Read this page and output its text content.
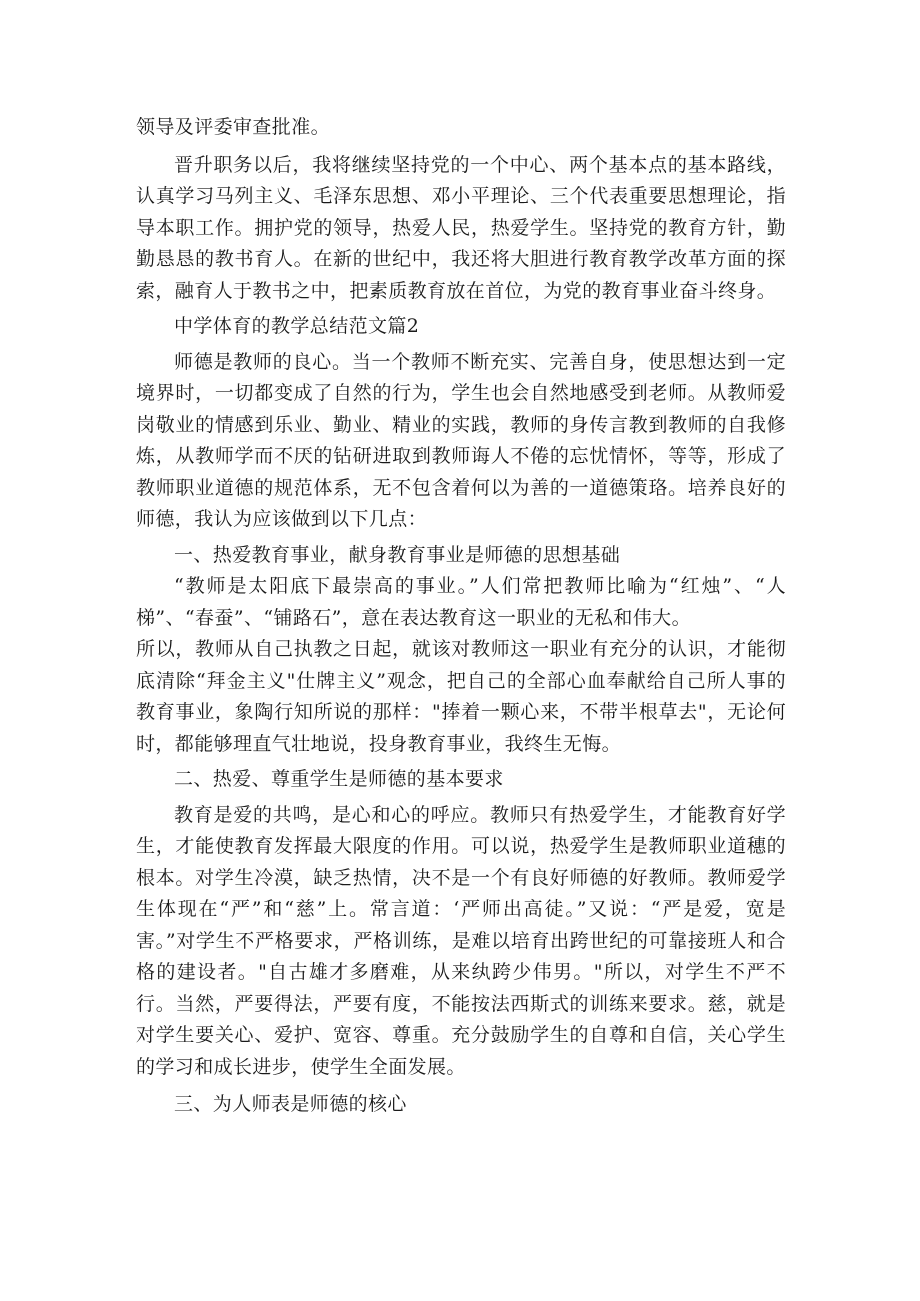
领导及评委审查批准。

晋升职务以后，我将继续坚持党的一个中心、两个基本点的基本路线，认真学习马列主义、毛泽东思想、邓小平理论、三个代表重要思想理论，指导本职工作。拥护党的领导，热爱人民，热爱学生。坚持党的教育方针，勤勤恳恳的教书育人。在新的世纪中，我还将大胆进行教育教学改革方面的探索，融育人于教书之中，把素质教育放在首位，为党的教育事业奋斗终身。

中学体育的教学总结范文篇2

师德是教师的良心。当一个教师不断充实、完善自身，使思想达到一定境界时，一切都变成了自然的行为，学生也会自然地感受到老师。从教师爱岗敬业的情感到乐业、勤业、精业的实践，教师的身传言教到教师的自我修炼，从教师学而不厌的钻研进取到教师诲人不倦的忘忧情怀，等等，形成了教师职业道德的规范体系，无不包含着何以为善的一道德策珞。培养良好的师德，我认为应该做到以下几点：

一、热爱教育事业，献身教育事业是师德的思想基础

“教师是太阳底下最崇高的事业。”人们常把教师比喻为“红烛”、“人梯”、“春蚕”、“铺路石”，意在表达教育这一职业的无私和伟大。

所以，教师从自己执教之日起，就该对教师这一职业有充分的认识，才能彻底清除“拜金主义"仕牌主义”观念，把自己的全部心血奉献给自己所人事的教育事业，象陶行知所说的那样："捧着一颗心来，不带半根草去"，无论何时，都能够理直气壮地说，投身教育事业，我终生无悔。

二、热爱、尊重学生是师德的基本要求

教育是爱的共鸣，是心和心的呼应。教师只有热爱学生，才能教育好学生，才能使教育发挥最大限度的作用。可以说，热爱学生是教师职业道穗的根本。对学生冷漠，缺乏热情，决不是一个有良好师德的好教师。教师爱学生体现在“严”和“慈”上。常言道：‘严师出高徒。”又说：“严是爱，宽是害。”对学生不严格要求，严格训练，是难以培育出跨世纪的可靠接班人和合格的建设者。"自古雄才多磨难，从来纨跨少伟男。"所以，对学生不严不行。当然，严要得法，严要有度，不能按法西斯式的训练来要求。慈，就是对学生要关心、爱护、宽容、尊重。充分鼓励学生的自尊和自信，关心学生的学习和成长进步，使学生全面发展。

三、为人师表是师德的核心
